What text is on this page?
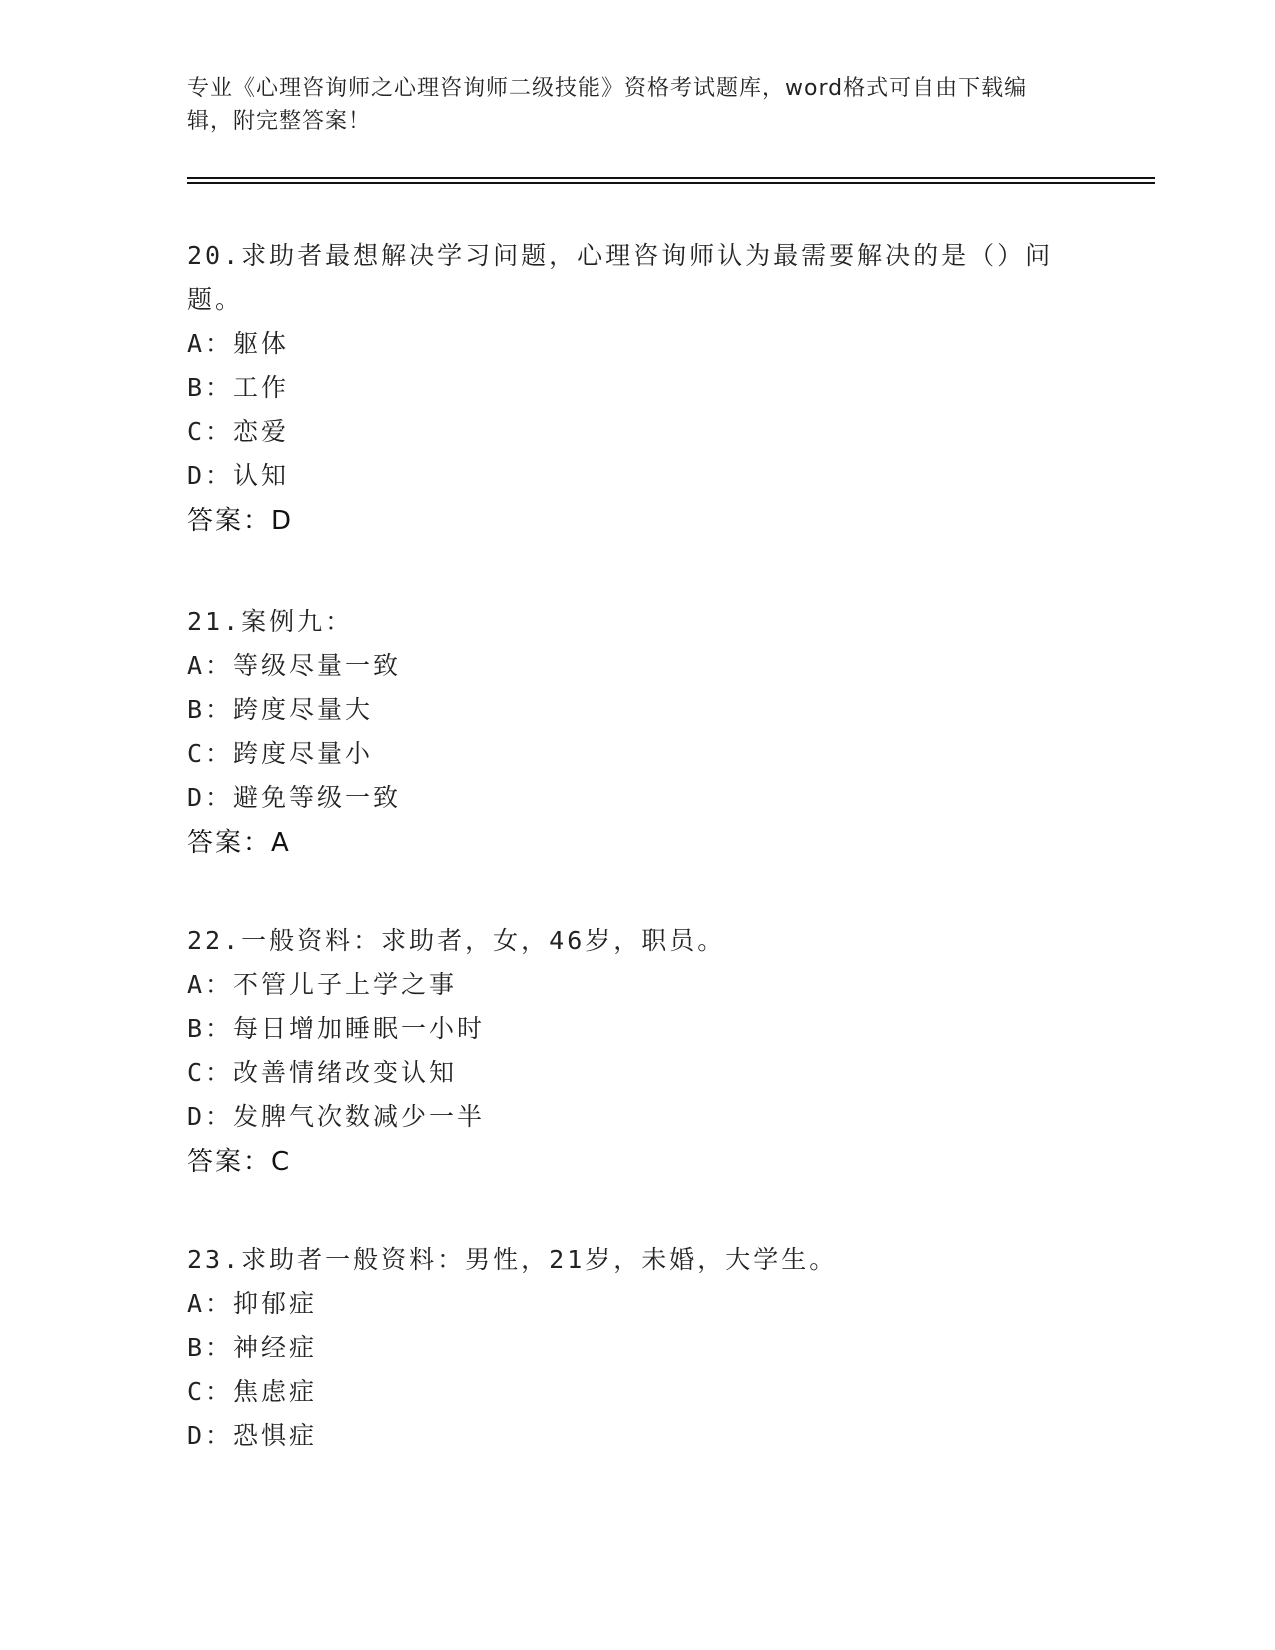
专业《心理咨询师之心理咨询师二级技能》资格考试题库，word格式可自由下载编辑，附完整答案！
20.求助者最想解决学习问题，心理咨询师认为最需要解决的是（）问题。
A：躯体
B：工作
C：恋爱
D：认知
答案：D
21.案例九：
A：等级尽量一致
B：跨度尽量大
C：跨度尽量小
D：避免等级一致
答案：A
22.一般资料：求助者，女，46岁，职员。
A：不管儿子上学之事
B：每日增加睡眠一小时
C：改善情绪改变认知
D：发脾气次数减少一半
答案：C
23.求助者一般资料：男性，21岁，未婚，大学生。
A：抑郁症
B：神经症
C：焦虑症
D：恐惧症
